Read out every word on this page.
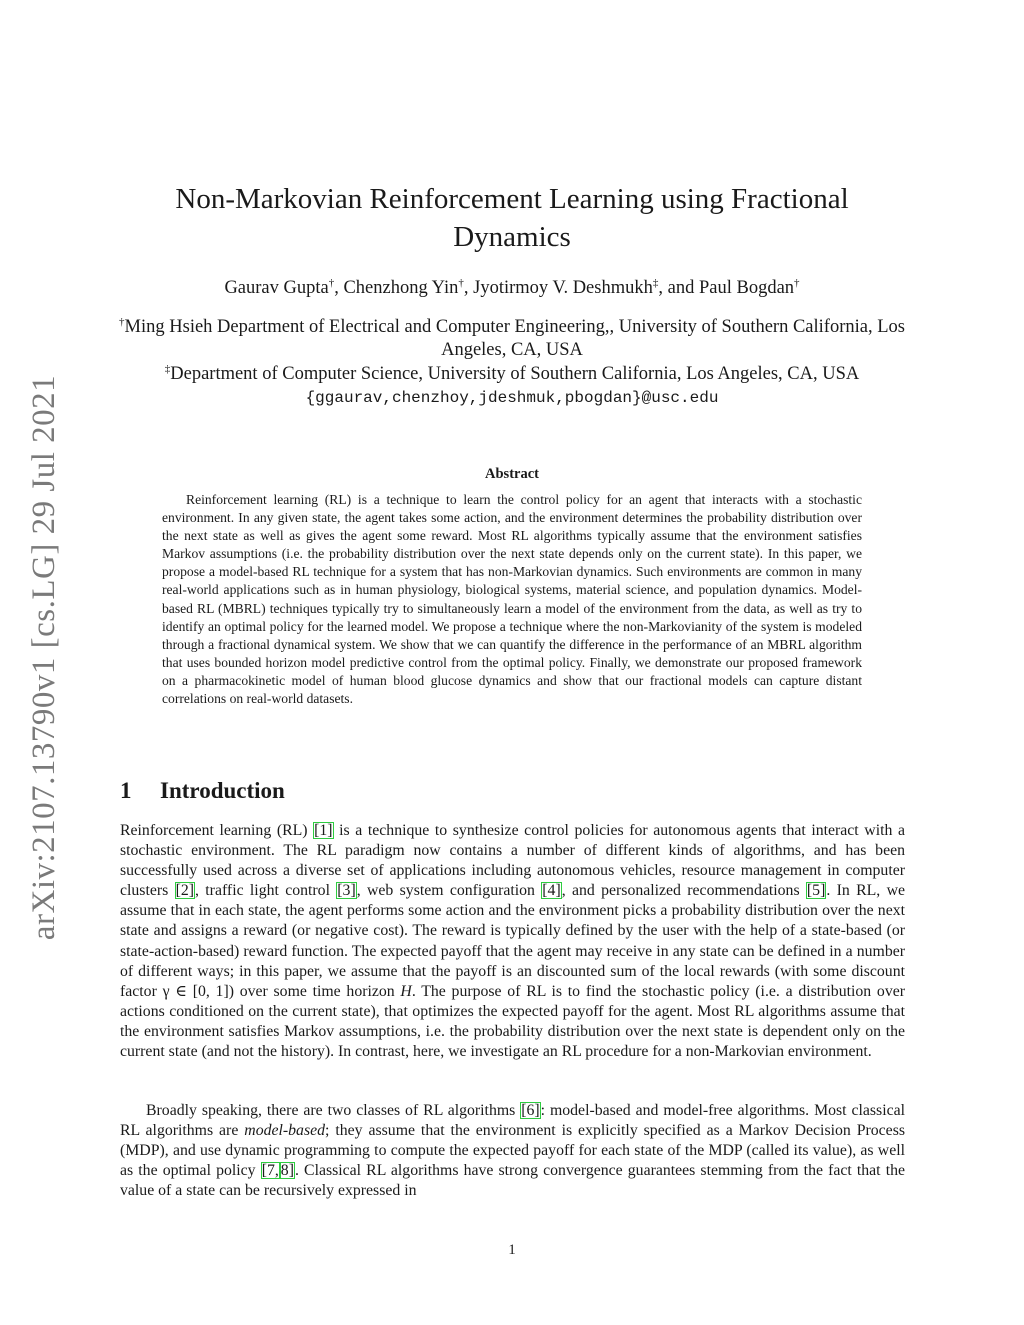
arXiv:2107.13790v1 [cs.LG] 29 Jul 2021
Non-Markovian Reinforcement Learning using Fractional Dynamics
Gaurav Gupta†, Chenzhong Yin†, Jyotirmoy V. Deshmukh‡, and Paul Bogdan†
†Ming Hsieh Department of Electrical and Computer Engineering,, University of Southern California, Los Angeles, CA, USA
‡Department of Computer Science, University of Southern California, Los Angeles, CA, USA
{ggaurav,chenzhoy,jdeshmuk,pbogdan}@usc.edu
Abstract

Reinforcement learning (RL) is a technique to learn the control policy for an agent that interacts with a stochastic environment. In any given state, the agent takes some action, and the environment determines the probability distribution over the next state as well as gives the agent some reward. Most RL algorithms typically assume that the environment satisfies Markov assumptions (i.e. the probability distribution over the next state depends only on the current state). In this paper, we propose a model-based RL technique for a system that has non-Markovian dynamics. Such environments are common in many real-world applications such as in human physiology, biological systems, material science, and population dynamics. Model-based RL (MBRL) techniques typically try to simultaneously learn a model of the environment from the data, as well as try to identify an optimal policy for the learned model. We propose a technique where the non-Markovianity of the system is modeled through a fractional dynamical system. We show that we can quantify the difference in the performance of an MBRL algorithm that uses bounded horizon model predictive control from the optimal policy. Finally, we demonstrate our proposed framework on a pharmacokinetic model of human blood glucose dynamics and show that our fractional models can capture distant correlations on real-world datasets.

1 Introduction

Reinforcement learning (RL) [1] is a technique to synthesize control policies for autonomous agents that interact with a stochastic environment. The RL paradigm now contains a number of different kinds of algorithms, and has been successfully used across a diverse set of applications including autonomous vehicles, resource management in computer clusters [2], traffic light control [3], web system configuration [4], and personalized recommendations [5]. In RL, we assume that in each state, the agent performs some action and the environment picks a probability distribution over the next state and assigns a reward (or negative cost). The reward is typically defined by the user with the help of a state-based (or state-action-based) reward function. The expected payoff that the agent may receive in any state can be defined in a number of different ways; in this paper, we assume that the payoff is an discounted sum of the local rewards (with some discount factor γ ∈ [0, 1]) over some time horizon H. The purpose of RL is to find the stochastic policy (i.e. a distribution over actions conditioned on the current state), that optimizes the expected payoff for the agent. Most RL algorithms assume that the environment satisfies Markov assumptions, i.e. the probability distribution over the next state is dependent only on the current state (and not the history). In contrast, here, we investigate an RL procedure for a non-Markovian environment.

Broadly speaking, there are two classes of RL algorithms [6]: model-based and model-free algorithms. Most classical RL algorithms are model-based; they assume that the environment is explicitly specified as a Markov Decision Process (MDP), and use dynamic programming to compute the expected payoff for each state of the MDP (called its value), as well as the optimal policy [7, 8]. Classical RL algorithms have strong convergence guarantees stemming from the fact that the value of a state can be recursively expressed in

1
